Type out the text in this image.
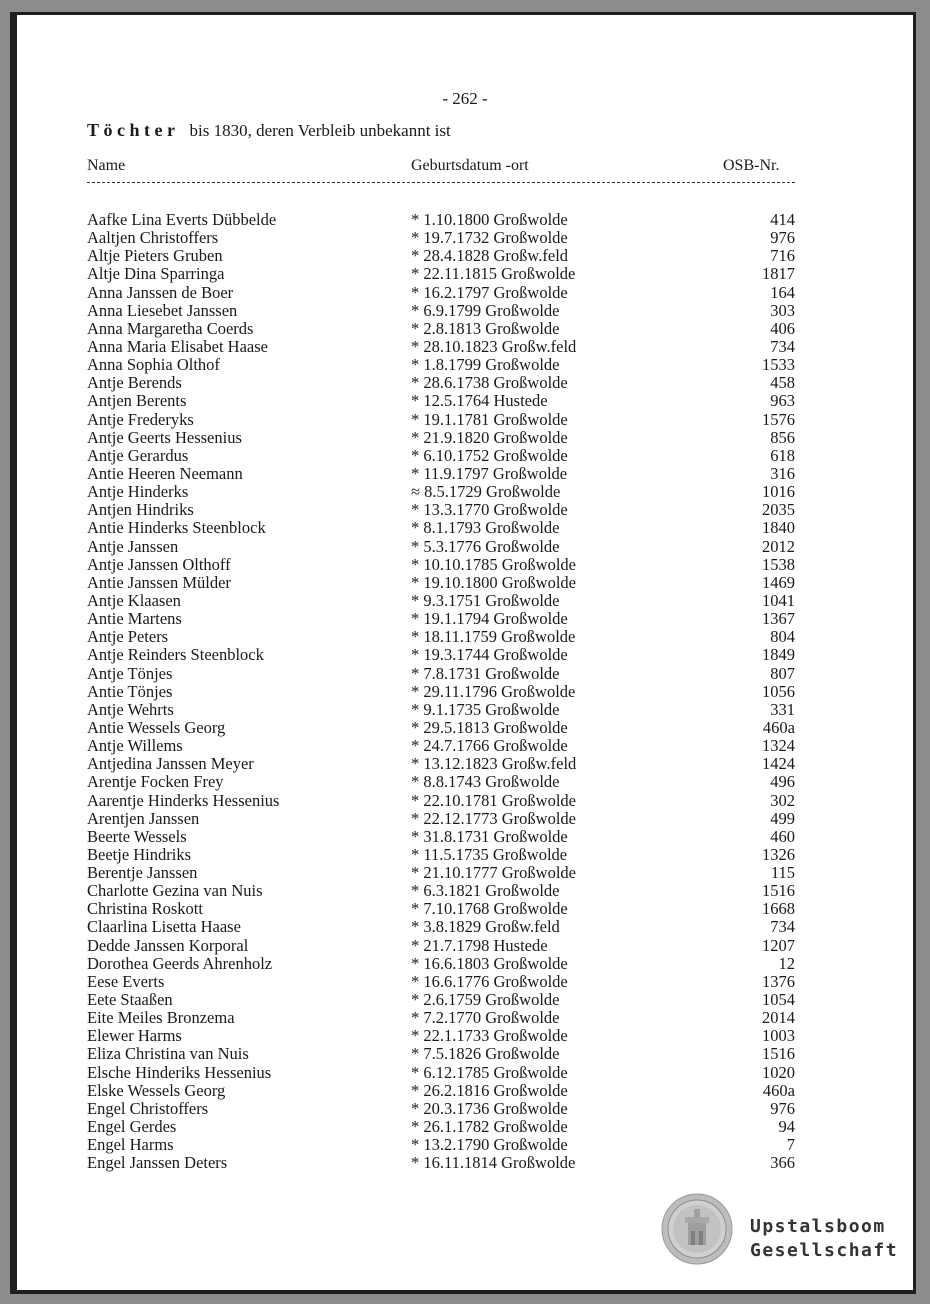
- 262 -
Töchter bis 1830, deren Verbleib unbekannt ist
Name	Geburtsdatum -ort	OSB-Nr.
Aafke Lina Everts Dübbelde	* 1.10.1800 Großwolde	414
Aaltjen Christoffers	* 19.7.1732 Großwolde	976
Altje Pieters Gruben	* 28.4.1828 Großw.feld	716
Altje Dina Sparringa	* 22.11.1815 Großwolde	1817
Anna Janssen de Boer	* 16.2.1797 Großwolde	164
Anna Liesebet Janssen	* 6.9.1799 Großwolde	303
Anna Margaretha Coerds	* 2.8.1813 Großwolde	406
Anna Maria Elisabet Haase	* 28.10.1823 Großw.feld	734
Anna Sophia Olthof	* 1.8.1799 Großwolde	1533
Antje Berends	* 28.6.1738 Großwolde	458
Antjen Berents	* 12.5.1764 Hustede	963
Antje Frederyks	* 19.1.1781 Großwolde	1576
Antje Geerts Hessenius	* 21.9.1820 Großwolde	856
Antje Gerardus	* 6.10.1752 Großwolde	618
Antie Heeren Neemann	* 11.9.1797 Großwolde	316
Antje Hinderks	≈ 8.5.1729 Großwolde	1016
Antjen Hindriks	* 13.3.1770 Großwolde	2035
Antie Hinderks Steenblock	* 8.1.1793 Großwolde	1840
Antje Janssen	* 5.3.1776 Großwolde	2012
Antje Janssen Olthoff	* 10.10.1785 Großwolde	1538
Antie Janssen Mülder	* 19.10.1800 Großwolde	1469
Antje Klaasen	* 9.3.1751 Großwolde	1041
Antie Martens	* 19.1.1794 Großwolde	1367
Antje Peters	* 18.11.1759 Großwolde	804
Antje Reinders Steenblock	* 19.3.1744 Großwolde	1849
Antje Tönjes	* 7.8.1731 Großwolde	807
Antie Tönjes	* 29.11.1796 Großwolde	1056
Antje Wehrts	* 9.1.1735 Großwolde	331
Antie Wessels Georg	* 29.5.1813 Großwolde	460a
Antje Willems	* 24.7.1766 Großwolde	1324
Antjedina Janssen Meyer	* 13.12.1823 Großw.feld	1424
Arentje Focken Frey	* 8.8.1743 Großwolde	496
Aarentje Hinderks Hessenius	* 22.10.1781 Großwolde	302
Arentjen Janssen	* 22.12.1773 Großwolde	499
Beerte Wessels	* 31.8.1731 Großwolde	460
Beetje Hindriks	* 11.5.1735 Großwolde	1326
Berentje Janssen	* 21.10.1777 Großwolde	115
Charlotte Gezina van Nuis	* 6.3.1821 Großwolde	1516
Christina Roskott	* 7.10.1768 Großwolde	1668
Claarlina Lisetta Haase	* 3.8.1829 Großw.feld	734
Dedde Janssen Korporal	* 21.7.1798 Hustede	1207
Dorothea Geerds Ahrenholz	* 16.6.1803 Großwolde	12
Eese Everts	* 16.6.1776 Großwolde	1376
Eete Staaßen	* 2.6.1759 Großwolde	1054
Eite Meiles Bronzema	* 7.2.1770 Großwolde	2014
Elewer Harms	* 22.1.1733 Großwolde	1003
Eliza Christina van Nuis	* 7.5.1826 Großwolde	1516
Elsche Hinderiks Hessenius	* 6.12.1785 Großwolde	1020
Elske Wessels Georg	* 26.2.1816 Großwolde	460a
Engel Christoffers	* 20.3.1736 Großwolde	976
Engel Gerdes	* 26.1.1782 Großwolde	94
Engel Harms	* 13.2.1790 Großwolde	7
Engel Janssen Deters	* 16.11.1814 Großwolde	366
Upstalsboom
Gesellschaft
